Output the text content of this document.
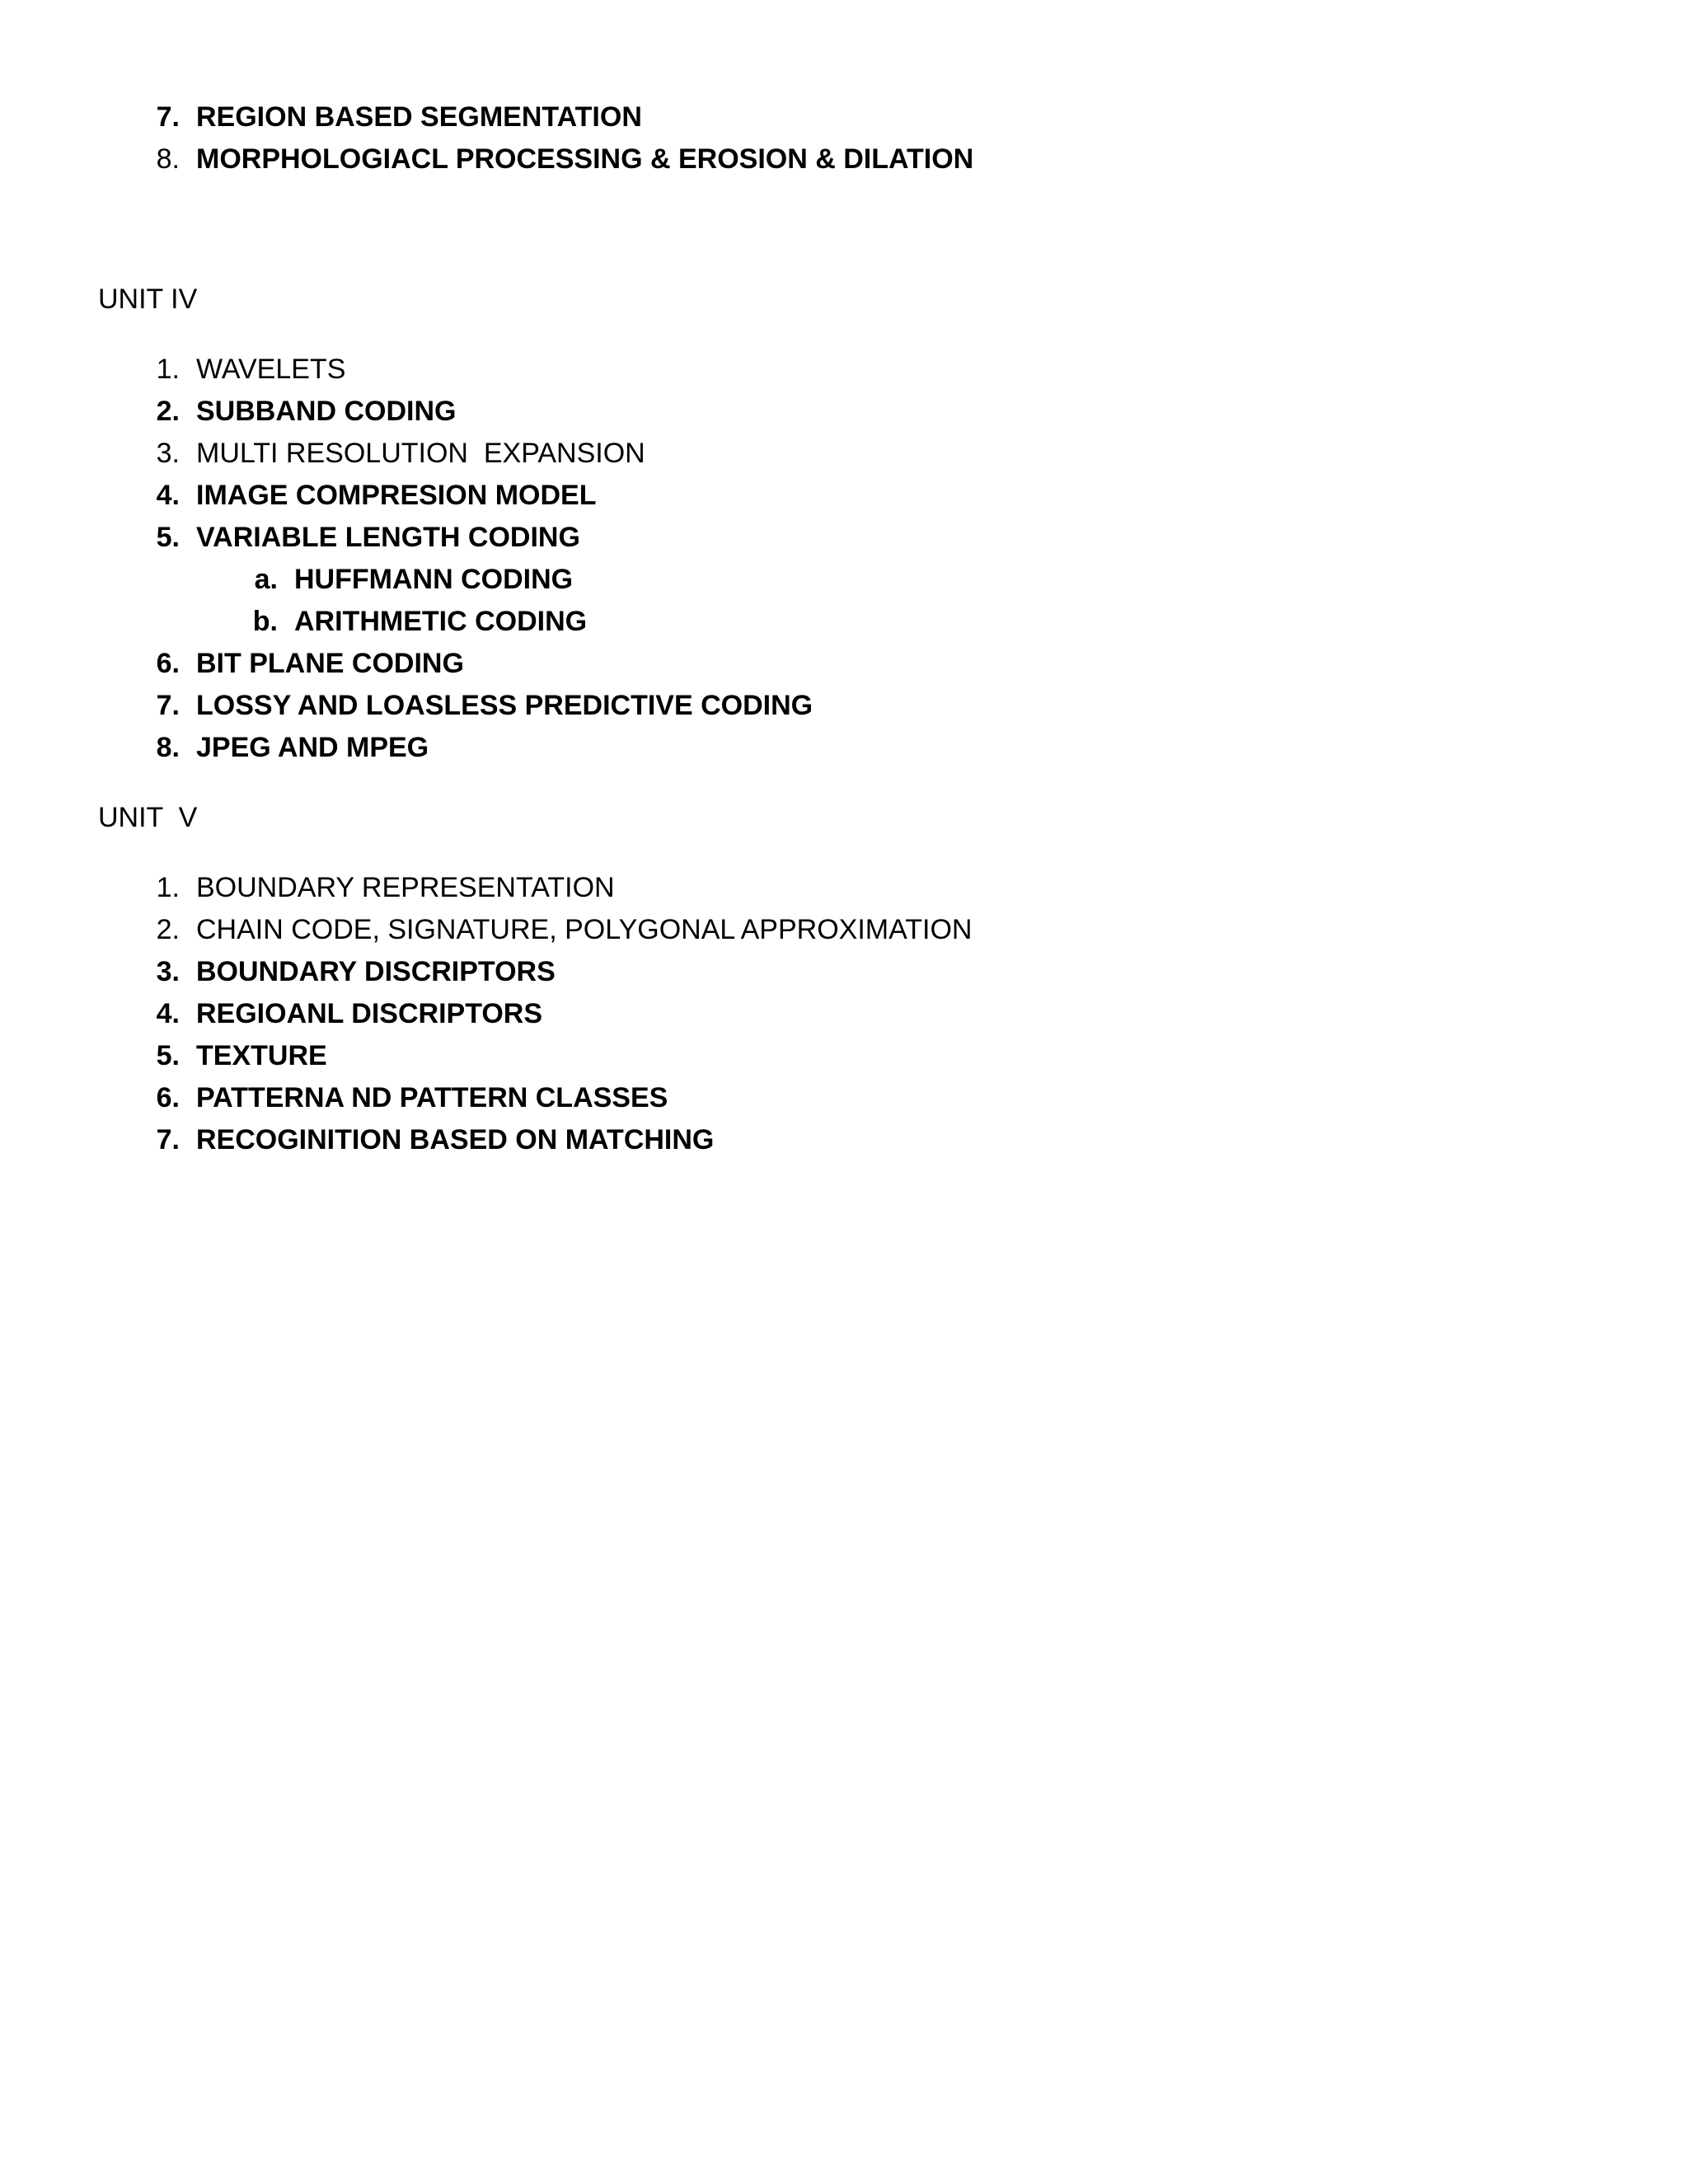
7.

REGION BASED SEGMENTATION

8.

MORPHOLOGIACL PROCESSING & EROSION & DILATION

UNIT IV

1.

WAVELETS

2.

SUBBAND CODING

3.

MULTI RESOLUTION  EXPANSION

4.

IMAGE COMPRESION MODEL

5.

VARIABLE LENGTH CODING

a.

HUFFMANN CODING

b.

ARITHMETIC CODING

6.

BIT PLANE CODING

7.

LOSSY AND LOASLESS PREDICTIVE CODING

8.

JPEG AND MPEG

UNIT  V

1.

BOUNDARY REPRESENTATION

2.

CHAIN CODE, SIGNATURE, POLYGONAL APPROXIMATION

3.

BOUNDARY DISCRIPTORS

4.

REGIOANL DISCRIPTORS

5.

TEXTURE

6.

PATTERNA ND PATTERN CLASSES

7.

RECOGINITION BASED ON MATCHING
